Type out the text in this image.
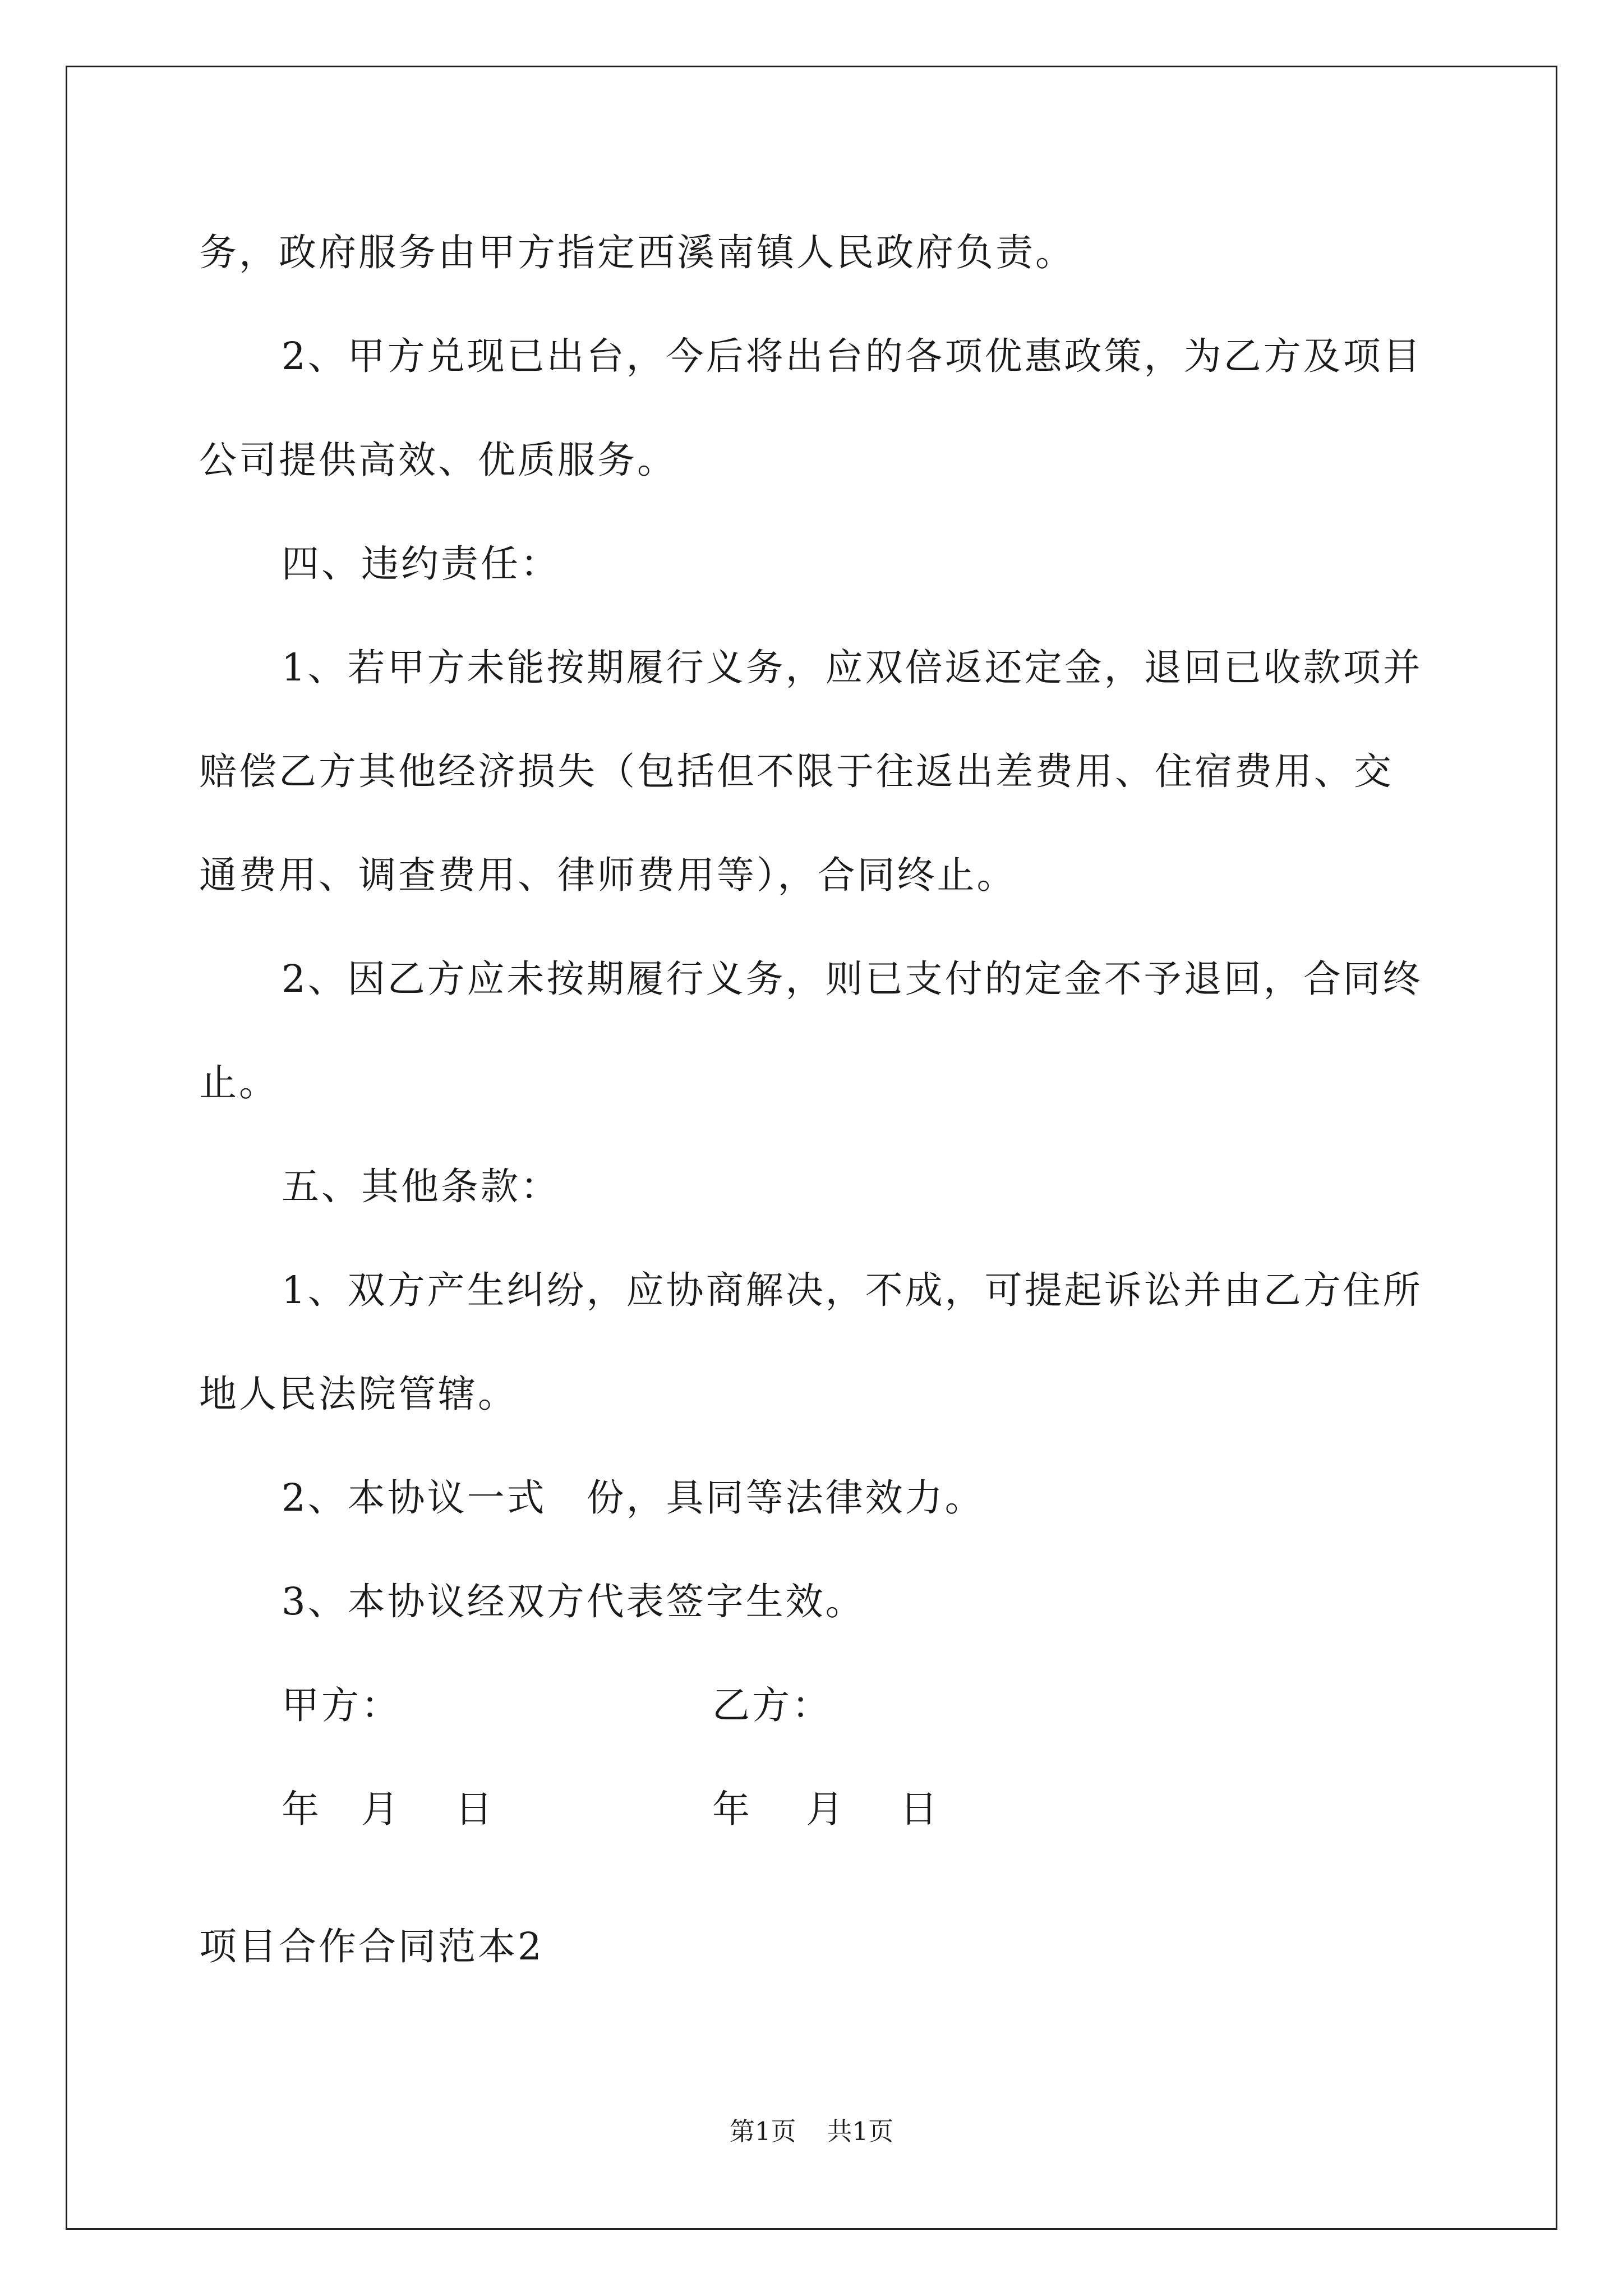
务，政府服务由甲方指定西溪南镇人民政府负责。
2、甲方兑现已出台，今后将出台的各项优惠政策，为乙方及项目
公司提供高效、优质服务。
四、违约责任：
1、若甲方未能按期履行义务，应双倍返还定金，退回已收款项并
赔偿乙方其他经济损失（包括但不限于往返出差费用、住宿费用、交
通费用、调查费用、律师费用等），合同终止。
2、因乙方应未按期履行义务，则已支付的定金不予退回，合同终
止。
五、其他条款：
1、双方产生纠纷，应协商解决，不成，可提起诉讼并由乙方住所
地人民法院管辖。
2、本协议一式　份，具同等法律效力。
3、本协议经双方代表签字生效。
甲方：	乙方：
年　月　 日	年　 月　 日
项目合作合同范本2
第1页 共1页
